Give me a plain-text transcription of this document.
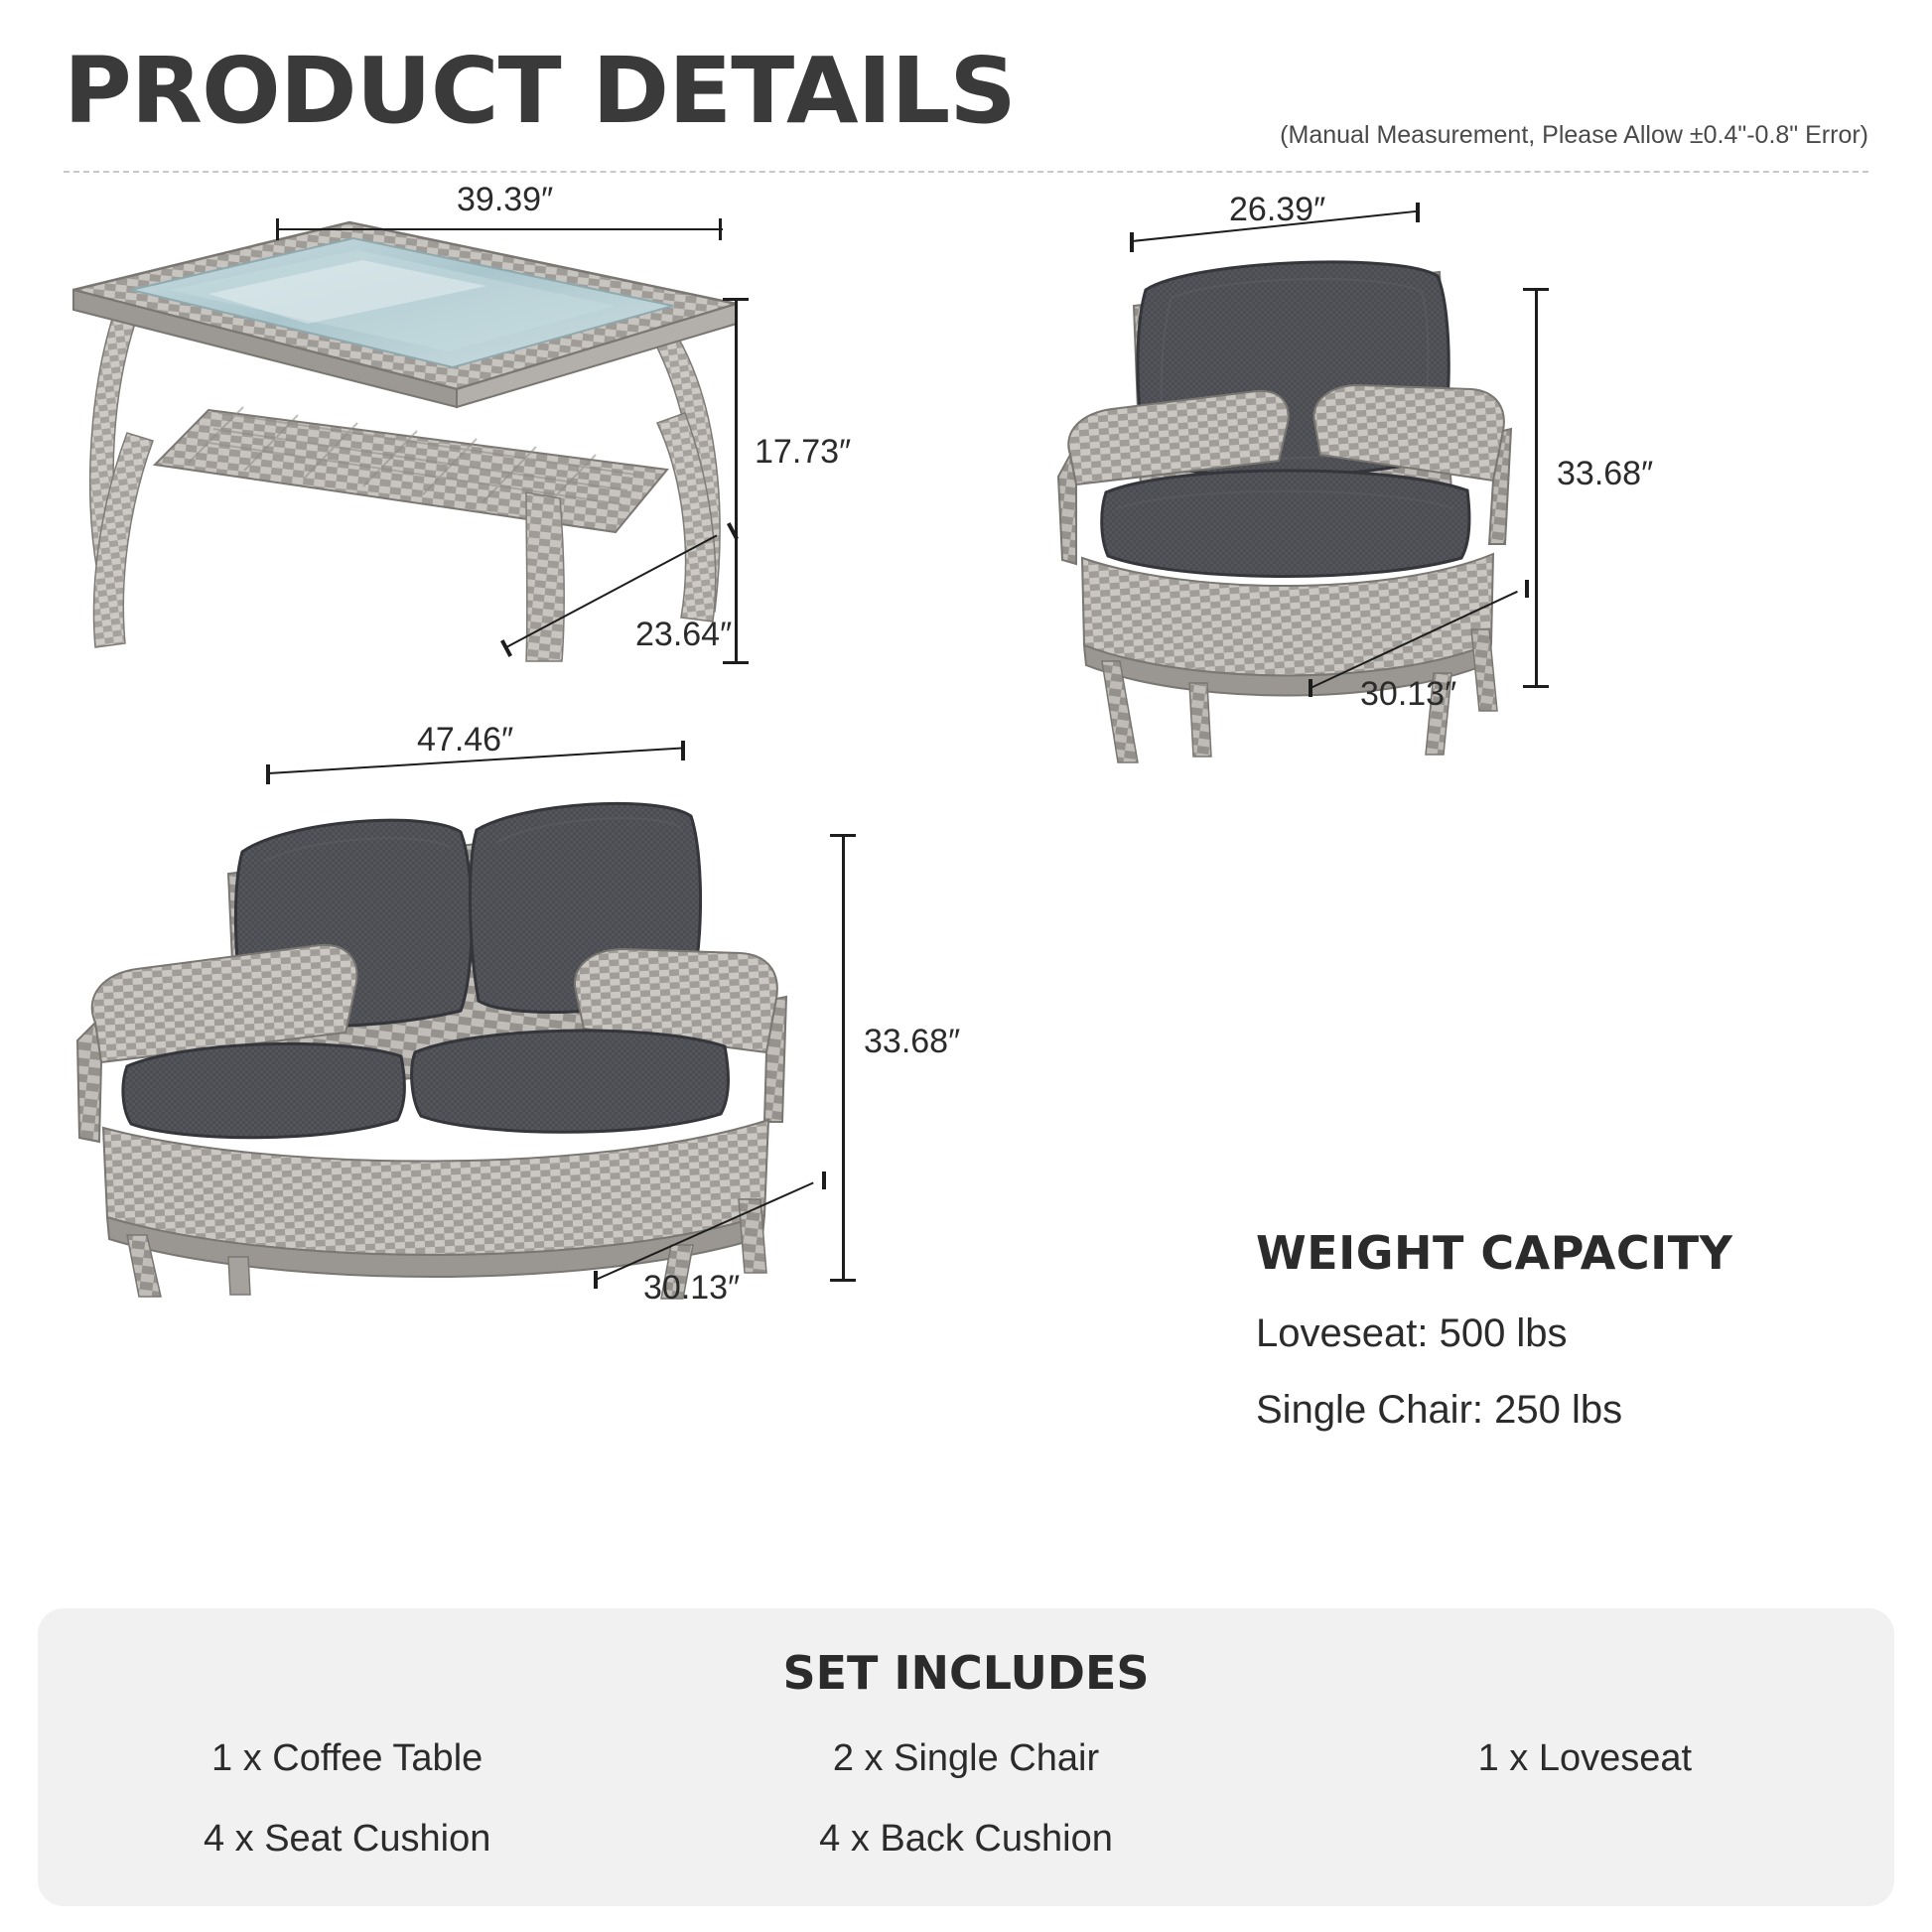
PRODUCT DETAILS	(Manual Measurement, Please Allow ±0.4"-0.8" Error)
39.39″
17.73″
23.64″
26.39″
33.68″
30.13″
47.46″
33.68″
30.13″
WEIGHT CAPACITY
Loveseat: 500 lbs
Single Chair: 250 lbs
SET INCLUDES
1 x Coffee Table	2 x Single Chair	1 x Loveseat
4 x Seat Cushion	4 x Back Cushion
